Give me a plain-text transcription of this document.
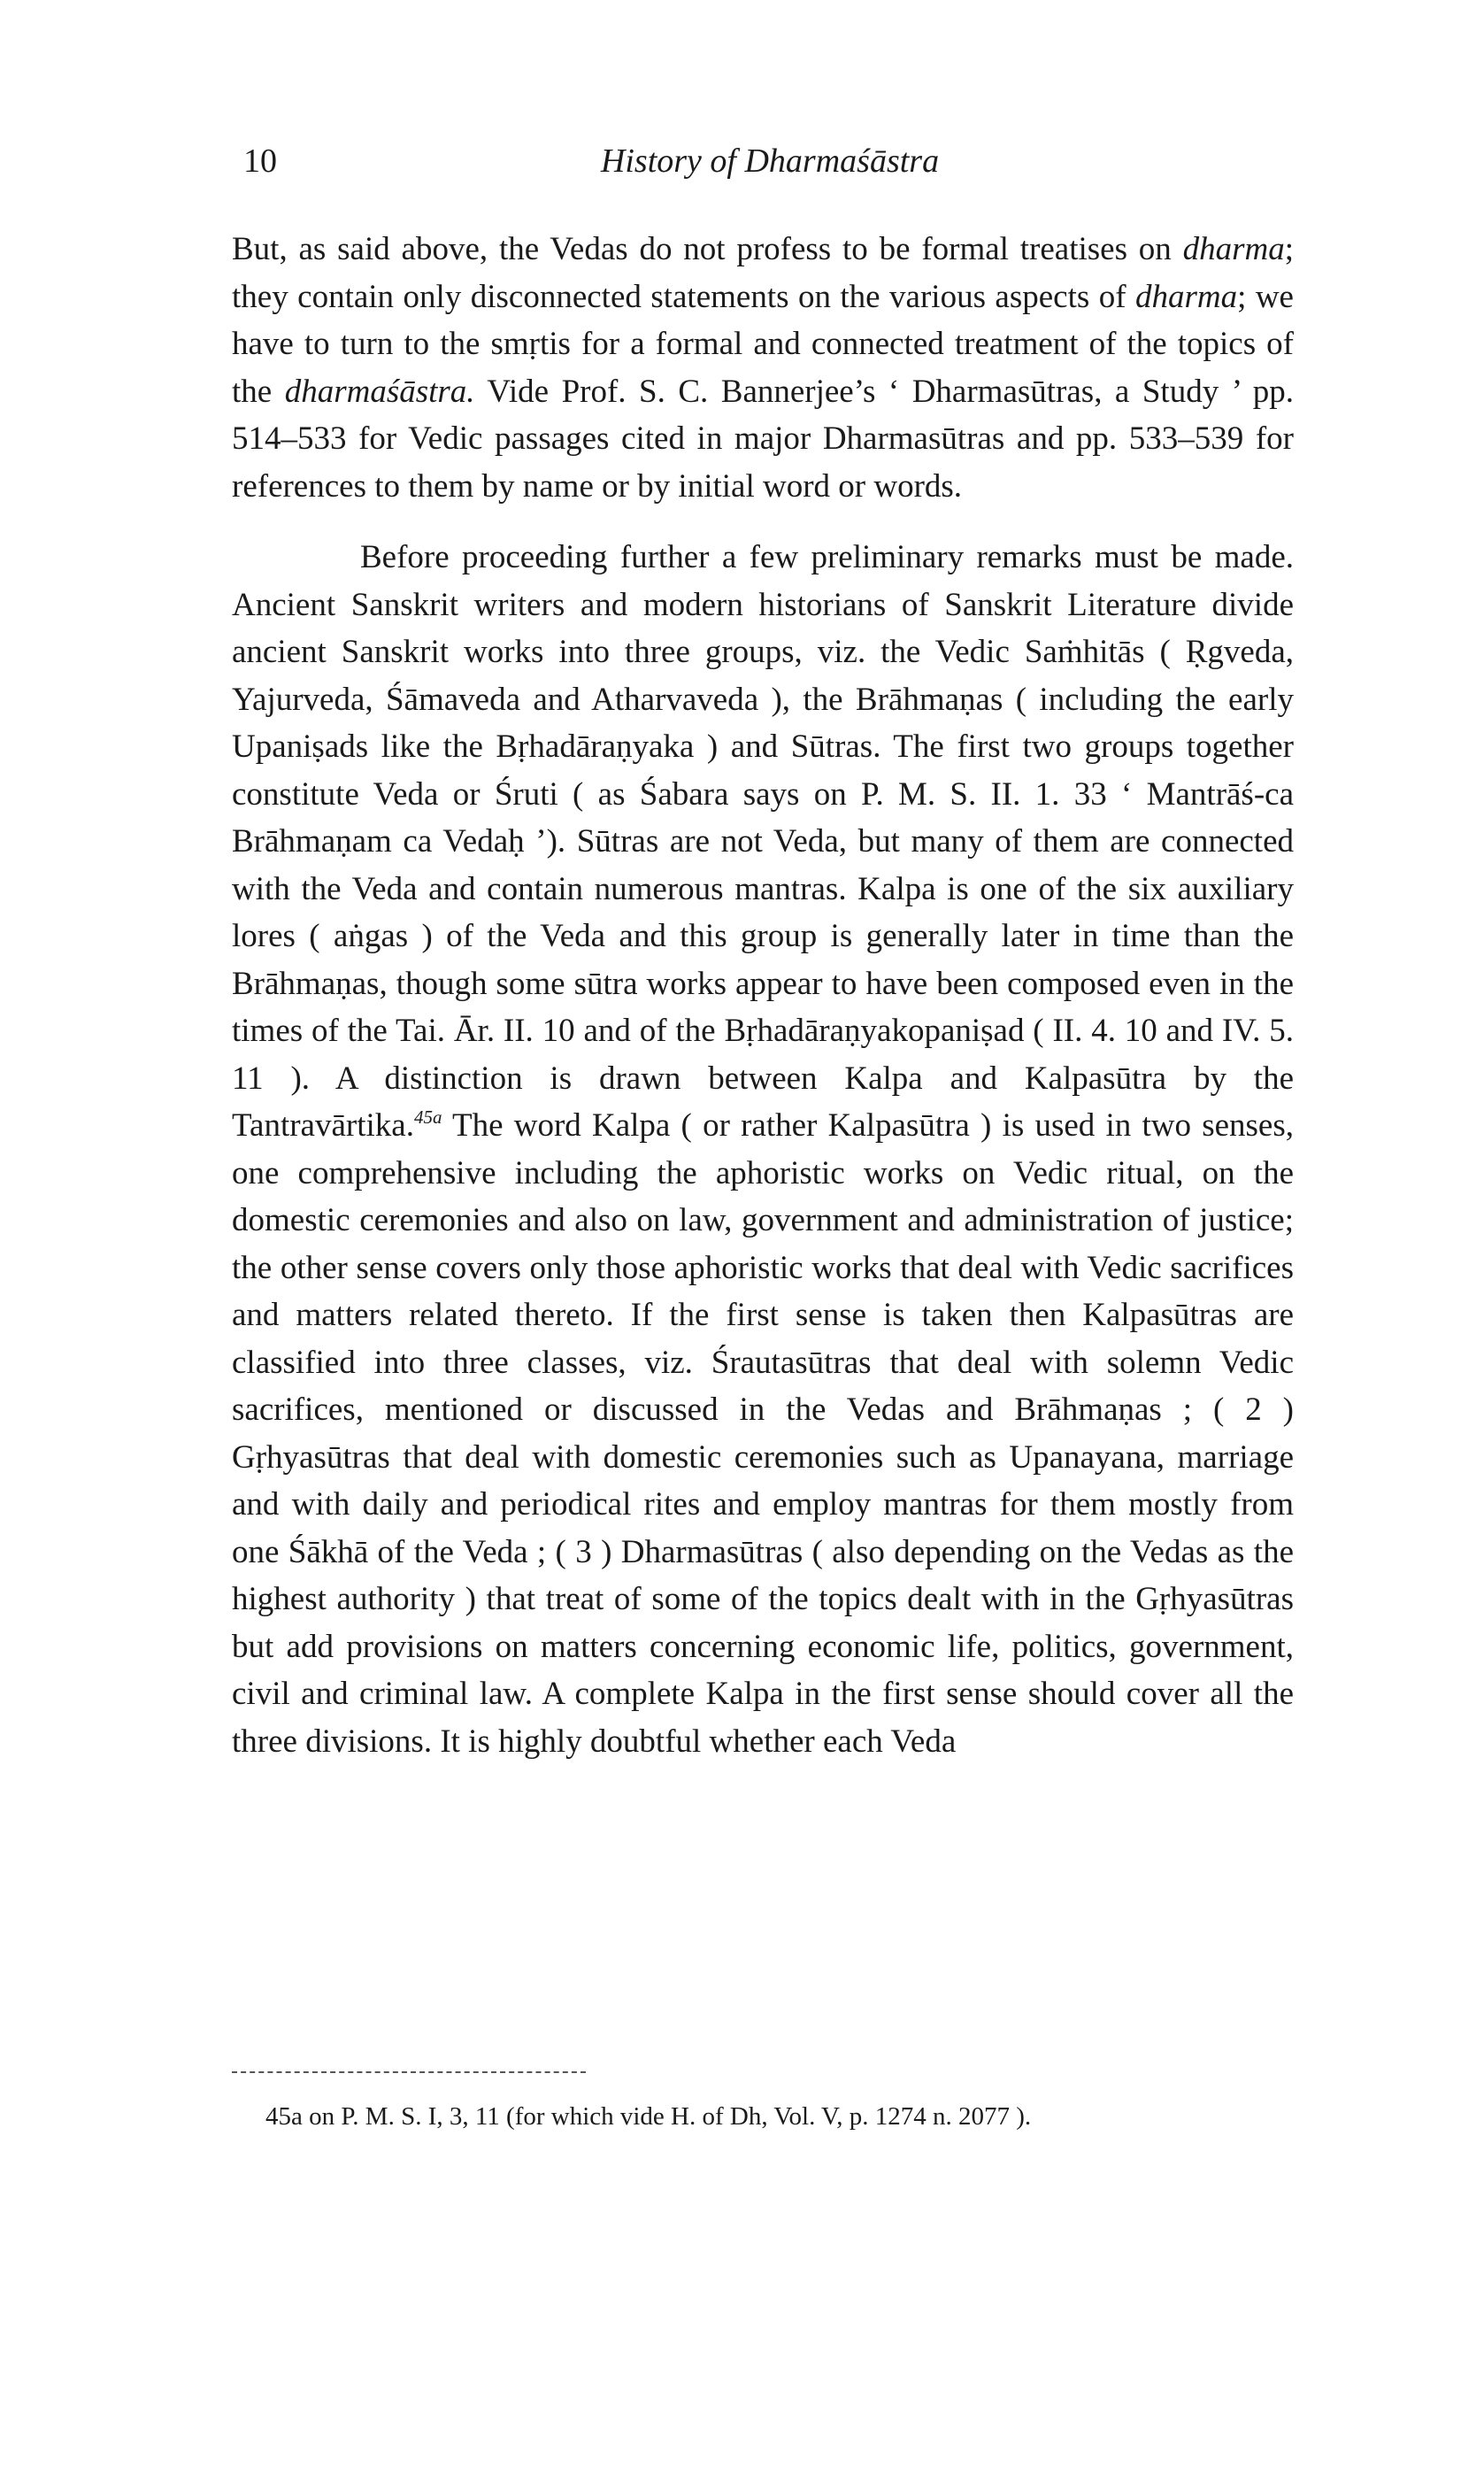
10	History of Dharmaśāstra

But, as said above, the Vedas do not profess to be formal treatises on dharma; they contain only disconnected statements on the various aspects of dharma; we have to turn to the smṛtis for a formal and connected treatment of the topics of the dharmaśāstra. Vide Prof. S. C. Bannerjee’s ‘ Dharmasūtras, a Study ’ pp. 514–533 for Vedic passages cited in major Dharmasūtras and pp. 533–539 for references to them by name or by initial word or words.

Before proceeding further a few preliminary remarks must be made. Ancient Sanskrit writers and modern historians of Sanskrit Literature divide ancient Sanskrit works into three groups, viz. the Vedic Saṁhitās ( Ṛgveda, Yajurveda, Śāmaveda and Atharvaveda ), the Brāhmaṇas ( including the early Upaniṣads like the Bṛhadāraṇyaka ) and Sūtras. The first two groups together constitute Veda or Śruti ( as Śabara says on P. M. S. II. 1. 33 ‘ Mantrāś-ca Brāhmaṇam ca Vedaḥ ’). Sūtras are not Veda, but many of them are connected with the Veda and contain numerous mantras. Kalpa is one of the six auxiliary lores ( aṅgas ) of the Veda and this group is generally later in time than the Brāhmaṇas, though some sūtra works appear to have been composed even in the times of the Tai. Ār. II. 10 and of the Bṛhadāraṇyakopaniṣad ( II. 4. 10 and IV. 5. 11 ). A distinction is drawn between Kalpa and Kalpasūtra by the Tantravārtika.$^{45a}$ The word Kalpa ( or rather Kalpasūtra ) is used in two senses, one comprehensive including the aphoristic works on Vedic ritual, on the domestic ceremonies and also on law, government and administration of justice; the other sense covers only those aphoristic works that deal with Vedic sacrifices and matters related thereto. If the first sense is taken then Kalpasūtras are classified into three classes, viz. Śrautasūtras that deal with solemn Vedic sacrifices, mentioned or discussed in the Vedas and Brāhmaṇas ; ( 2 ) Gṛhyasūtras that deal with domestic ceremonies such as Upanayana, marriage and with daily and periodical rites and employ mantras for them mostly from one Śākhā of the Veda ; ( 3 ) Dharmasūtras ( also depending on the Vedas as the highest authority ) that treat of some of the topics dealt with in the Gṛhyasūtras but add provisions on matters concerning economic life, politics, government, civil and criminal law. A complete Kalpa in the first sense should cover all the three divisions. It is highly doubtful whether each Veda

45a on P. M. S. I, 3, 11 (for which vide H. of Dh, Vol. V, p. 1274 n. 2077 ).
